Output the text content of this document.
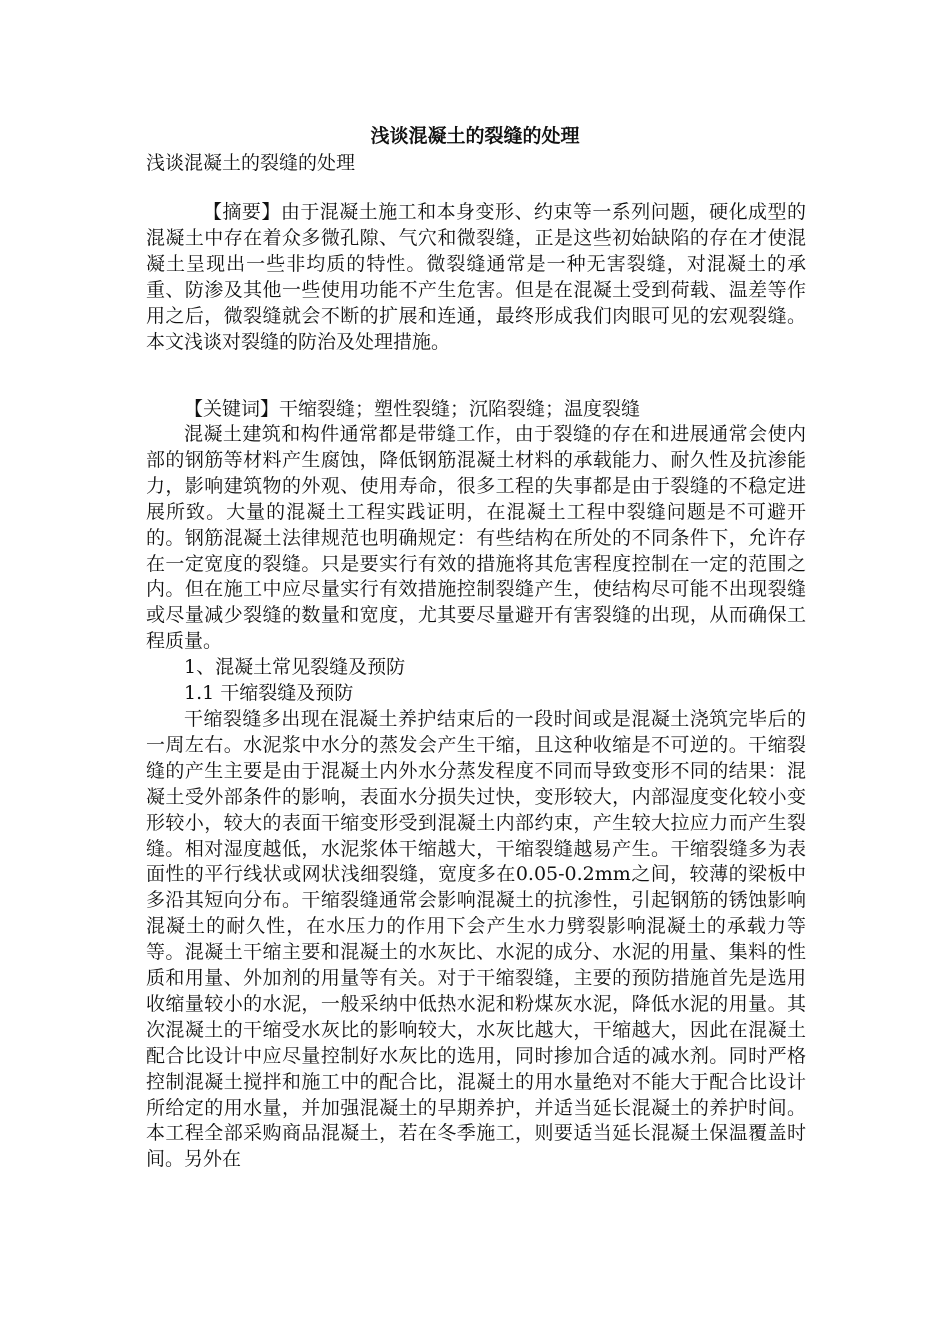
浅谈混凝土的裂缝的处理
浅谈混凝土的裂缝的处理

【摘要】由于混凝土施工和本身变形、约束等一系列问题，硬化成型的混凝土中存在着众多微孔隙、气穴和微裂缝，正是这些初始缺陷的存在才使混凝土呈现出一些非均质的特性。微裂缝通常是一种无害裂缝，对混凝土的承重、防渗及其他一些使用功能不产生危害。但是在混凝土受到荷载、温差等作用之后，微裂缝就会不断的扩展和连通，最终形成我们肉眼可见的宏观裂缝。本文浅谈对裂缝的防治及处理措施。

【关键词】干缩裂缝；塑性裂缝；沉陷裂缝；温度裂缝

混凝土建筑和构件通常都是带缝工作，由于裂缝的存在和进展通常会使内部的钢筋等材料产生腐蚀，降低钢筋混凝土材料的承载能力、耐久性及抗渗能力，影响建筑物的外观、使用寿命，很多工程的失事都是由于裂缝的不稳定进展所致。大量的混凝土工程实践证明，在混凝土工程中裂缝问题是不可避开的。钢筋混凝土法律规范也明确规定：有些结构在所处的不同条件下，允许存在一定宽度的裂缝。只是要实行有效的措施将其危害程度控制在一定的范围之内。但在施工中应尽量实行有效措施控制裂缝产生，使结构尽可能不出现裂缝或尽量减少裂缝的数量和宽度，尤其要尽量避开有害裂缝的出现，从而确保工程质量。

1、混凝土常见裂缝及预防

1.1 干缩裂缝及预防

干缩裂缝多出现在混凝土养护结束后的一段时间或是混凝土浇筑完毕后的一周左右。水泥浆中水分的蒸发会产生干缩，且这种收缩是不可逆的。干缩裂缝的产生主要是由于混凝土内外水分蒸发程度不同而导致变形不同的结果：混凝土受外部条件的影响，表面水分损失过快，变形较大，内部湿度变化较小变形较小，较大的表面干缩变形受到混凝土内部约束，产生较大拉应力而产生裂缝。相对湿度越低，水泥浆体干缩越大，干缩裂缝越易产生。干缩裂缝多为表面性的平行线状或网状浅细裂缝，宽度多在0.05-0.2mm之间，较薄的梁板中多沿其短向分布。干缩裂缝通常会影响混凝土的抗渗性，引起钢筋的锈蚀影响混凝土的耐久性，在水压力的作用下会产生水力劈裂影响混凝土的承载力等等。混凝土干缩主要和混凝土的水灰比、水泥的成分、水泥的用量、集料的性质和用量、外加剂的用量等有关。对于干缩裂缝，主要的预防措施首先是选用收缩量较小的水泥，一般采纳中低热水泥和粉煤灰水泥，降低水泥的用量。其次混凝土的干缩受水灰比的影响较大，水灰比越大，干缩越大，因此在混凝土配合比设计中应尽量控制好水灰比的选用，同时掺加合适的减水剂。同时严格控制混凝土搅拌和施工中的配合比，混凝土的用水量绝对不能大于配合比设计所给定的用水量，并加强混凝土的早期养护，并适当延长混凝土的养护时间。本工程全部采购商品混凝土，若在冬季施工，则要适当延长混凝土保温覆盖时间。另外在
